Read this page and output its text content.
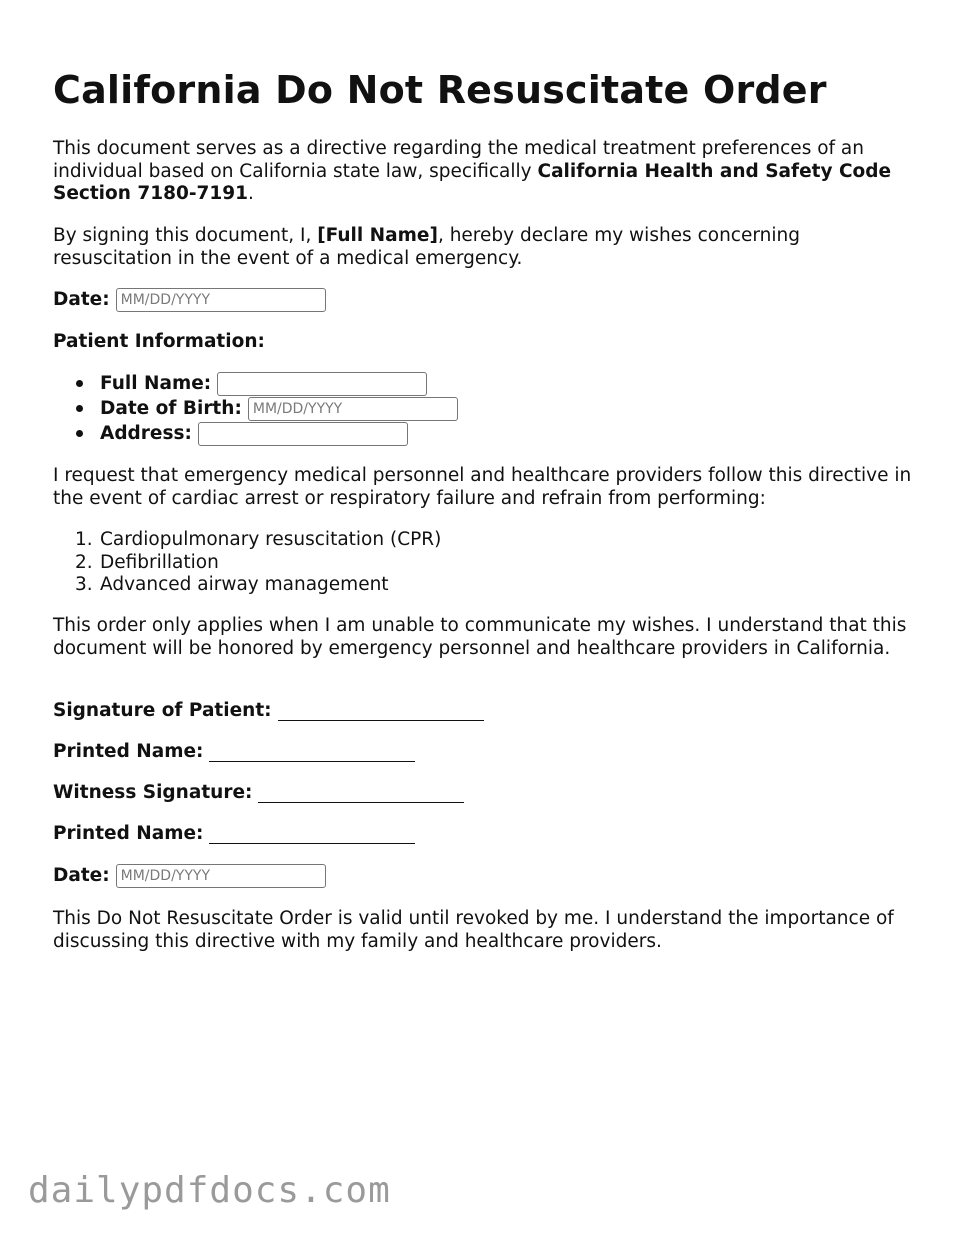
California Do Not Resuscitate Order

This document serves as a directive regarding the medical treatment preferences of an individual based on California state law, specifically California Health and Safety Code Section 7180-7191.

By signing this document, I, [Full Name], hereby declare my wishes concerning resuscitation in the event of a medical emergency.

Date: MM/DD/YYYY

Patient Information:

Full Name:
Date of Birth: MM/DD/YYYY
Address:

I request that emergency medical personnel and healthcare providers follow this directive in the event of cardiac arrest or respiratory failure and refrain from performing:

1. Cardiopulmonary resuscitation (CPR)
2. Defibrillation
3. Advanced airway management

This order only applies when I am unable to communicate my wishes. I understand that this document will be honored by emergency personnel and healthcare providers in California.

Signature of Patient:
Printed Name:
Witness Signature:
Printed Name:
Date: MM/DD/YYYY

This Do Not Resuscitate Order is valid until revoked by me. I understand the importance of discussing this directive with my family and healthcare providers.

dailypdfdocs.com
